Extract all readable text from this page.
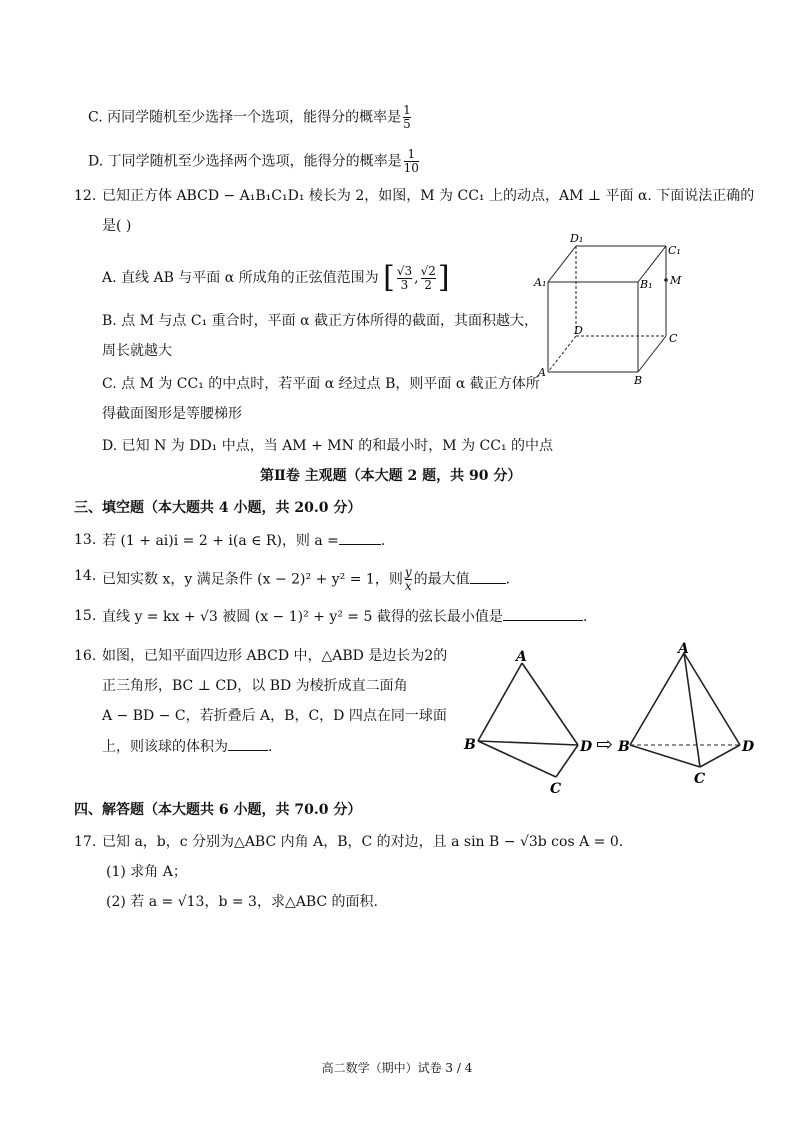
C. 丙同学随机至少选择一个选项，能得分的概率是 $\frac{1}{5}$
D. 丁同学随机至少选择两个选项，能得分的概率是 $\frac{1}{10}$
12. 已知正方体 ABCD − A₁B₁C₁D₁ 棱长为 2，如图，M 为 CC₁ 上的动点，AM ⊥ 平面 α. 下面说法正确的
是( )
A. 直线 AB 与平面 α 所成角的正弦值范围为 [ $\frac{√3}{3}$ , $\frac{√2}{2}$ ]
B. 点 M 与点 C₁ 重合时，平面 α 截正方体所得的截面，其面积越大，
周长就越大
C. 点 M 为 CC₁ 的中点时，若平面 α 经过点 B，则平面 α 截正方体所
得截面图形是等腰梯形
D. 已知 N 为 DD₁ 中点，当 AM + MN 的和最小时，M 为 CC₁ 的中点
D₁
C₁
A₁	B₁ M
D
C
A
B
第Ⅱ卷 主观题（本大题 2 题，共 90 分）
三、填空题（本大题共 4 小题，共 20.0 分）
13. 若 (1 + ai)i = 2 + i(a ∈ R)，则 a =	.
14. 已知实数 x，y 满足条件 (x − 2)² + y² = 1，则 $\frac{y}{x}$ 的最大值	.
15. 直线 y = kx + √3 被圆 (x − 1)² + y² = 5 截得的弦长最小值是	.
16. 如图，已知平面四边形 ABCD 中，△ABD 是边长为2的
正三角形，BC ⊥ CD，以 BD 为棱折成直二面角
A − BD − C，若折叠后 A，B，C，D 四点在同一球面
上，则该球的体积为	.
A
B	D
C
⇨
A
B	D
C
四、解答题（本大题共 6 小题，共 70.0 分）
17. 已知 a，b，c 分别为△ABC 内角 A，B，C 的对边，且 a sin B − √3b cos A = 0.
(1) 求角 A；
(2) 若 a = √13，b = 3，求△ABC 的面积.
高二数学（期中）试卷 3 / 4
